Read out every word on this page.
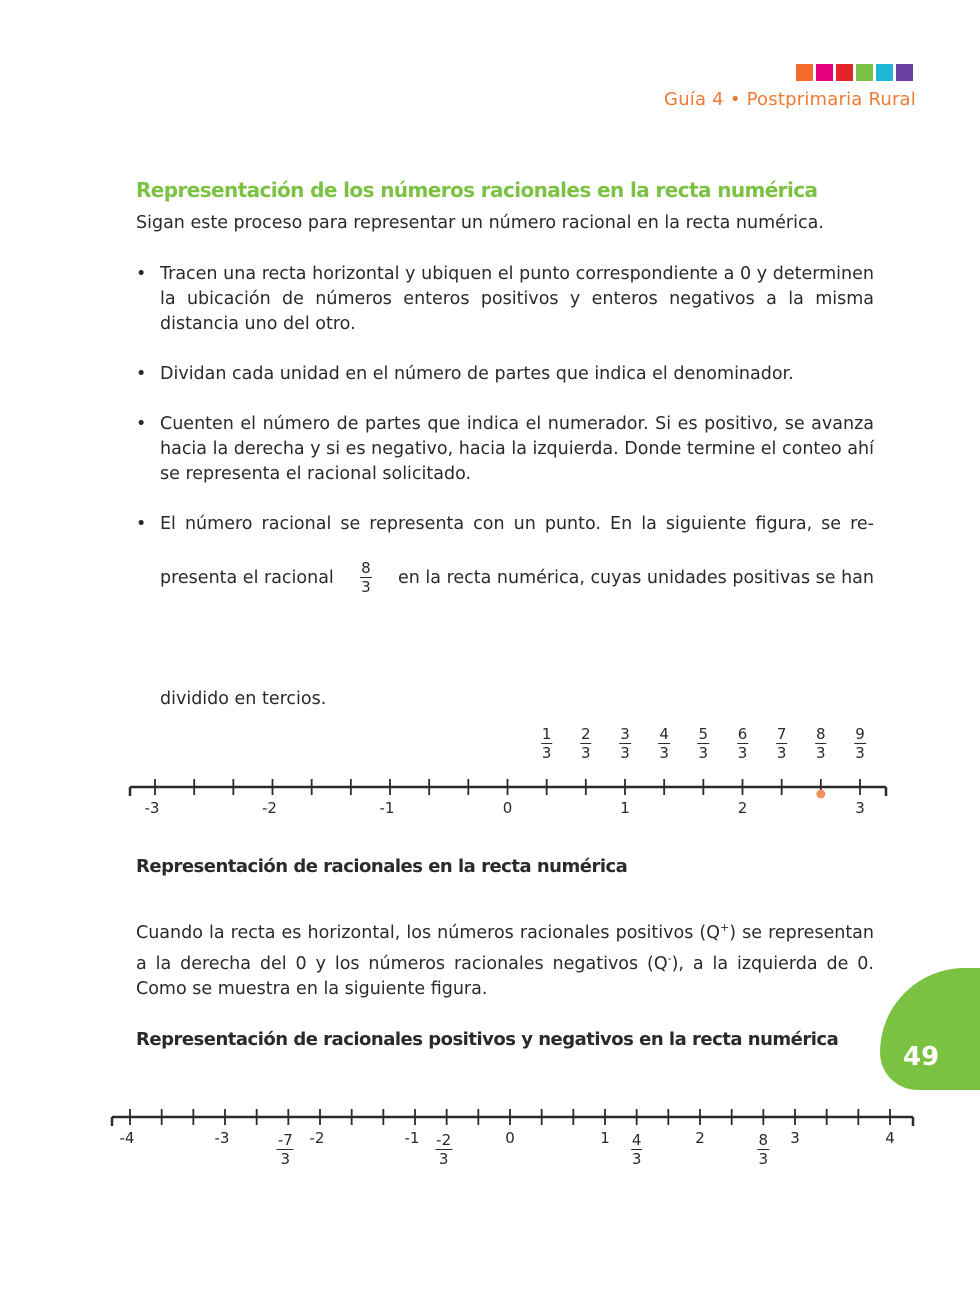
Guía 4 • Postprimaria Rural
Representación de los números racionales en la recta numérica
Sigan este proceso para representar un número racional en la recta numérica.
• Tracen una recta horizontal y ubiquen el punto correspondiente a 0 y determinen la ubicación de números enteros positivos y enteros negativos a la misma distancia uno del otro.
• Dividan cada unidad en el número de partes que indica el denominador.
• Cuenten el número de partes que indica el numerador. Si es positivo, se avanza hacia la derecha y si es negativo, hacia la izquierda. Donde termine el conteo ahí se representa el racional solicitado.
• El número racional se representa con un punto. En la siguiente figura, se re-
presenta el racional $\frac{8}{3}$ en la recta numérica, cuyas unidades positivas se han
dividido en tercios.
-3	-2	-1	0	1	2	3
$\frac{1}{3} \frac{2}{3} \frac{3}{3} \frac{4}{3} \frac{5}{3} \frac{6}{3} \frac{7}{3} \frac{8}{3} \frac{9}{3}$
Representación de racionales en la recta numérica
Cuando la recta es horizontal, los números racionales positivos (Q+) se representan a la derecha del 0 y los números racionales negativos (Q-), a la izquierda de 0. Como se muestra en la siguiente figura.
Representación de racionales positivos y negativos en la recta numérica
49
-4	-3	-2	-1	0	1	2	3	4
$\frac{-7}{3}$	$\frac{-2}{3}$	$\frac{4}{3}$	$\frac{8}{3}$
